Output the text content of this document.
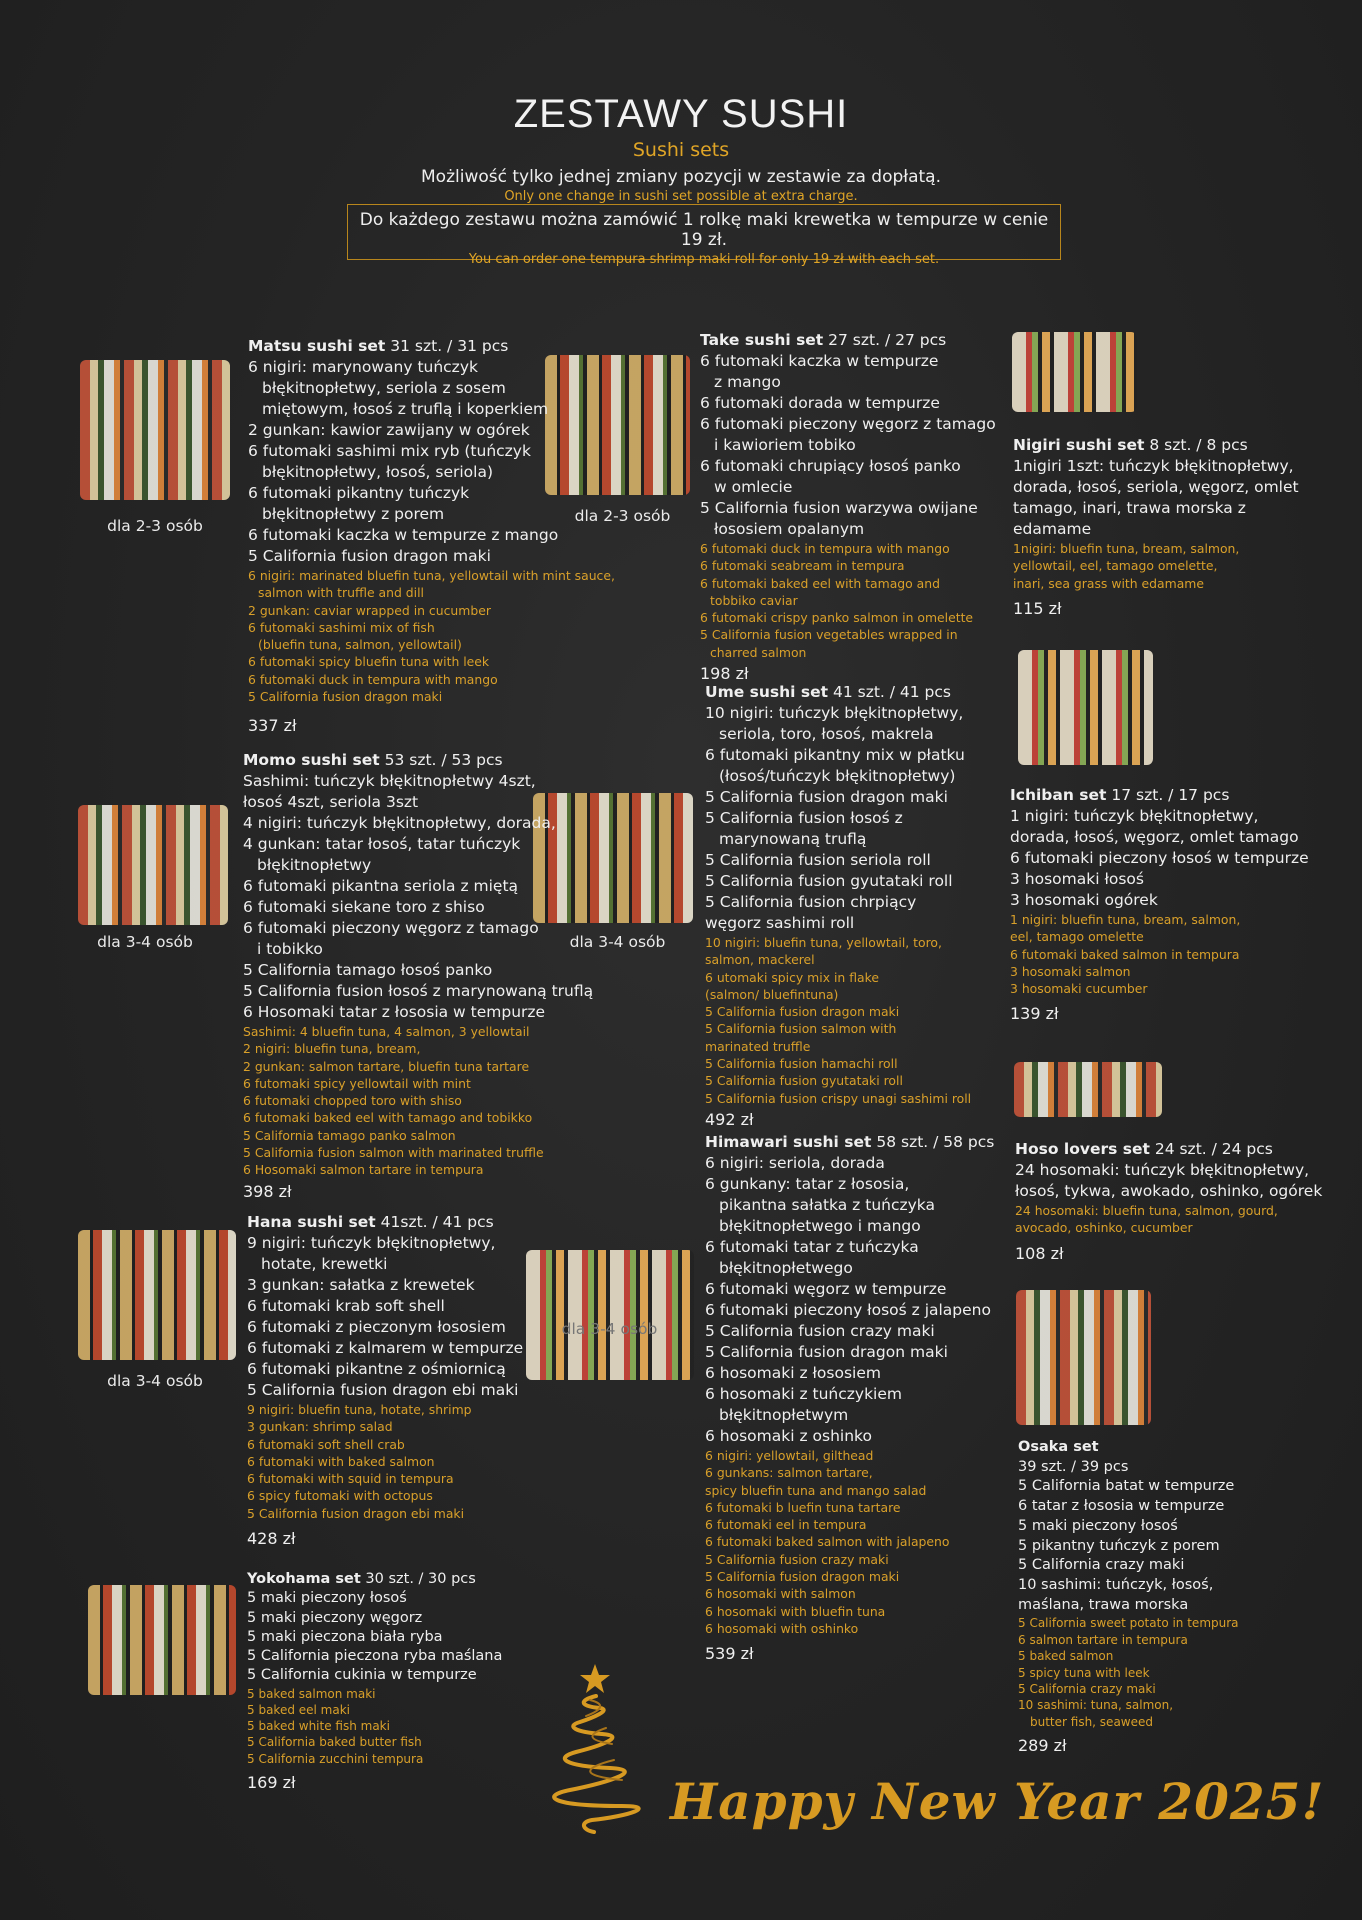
ZESTAWY SUSHI
Sushi sets
Możliwość tylko jednej zmiany pozycji w zestawie za dopłatą.
Only one change in sushi set possible at extra charge.
Do każdego zestawu można zamówić 1 rolkę maki krewetka w tempurze w cenie 19 zł.
You can order one tempura shrimp maki roll for only 19 zł with each set.
dla 2-3 osób
dla 2-3 osób
dla 3-4 osób	dla 3-4 osób
dla 3-4 osób
dla 3-4 osób
Matsu sushi set 31 szt. / 31 pcs
6 nigiri: marynowany tuńczyk
błękitnopłetwy, seriola z sosem
miętowym, łosoś z truflą i koperkiem
2 gunkan: kawior zawijany w ogórek
6 futomaki sashimi mix ryb (tuńczyk
błękitnopłetwy, łosoś, seriola)
6 futomaki pikantny tuńczyk
błękitnopłetwy z porem
6 futomaki kaczka w tempurze z mango
5 California fusion dragon maki
6 nigiri: marinated bluefin tuna, yellowtail with mint sauce,
salmon with truffle and dill
2 gunkan: caviar wrapped in cucumber
6 futomaki sashimi mix of fish
(bluefin tuna, salmon, yellowtail)
6 futomaki spicy bluefin tuna with leek
6 futomaki duck in tempura with mango
5 California fusion dragon maki
337 zł
Take sushi set 27 szt. / 27 pcs
6 futomaki kaczka w tempurze
z mango
6 futomaki dorada w tempurze
6 futomaki pieczony węgorz z tamago
i kawioriem tobiko
6 futomaki chrupiący łosoś panko
w omlecie
5 California fusion warzywa owijane
łososiem opalanym
6 futomaki duck in tempura with mango
6 futomaki seabream in tempura
6 futomaki baked eel with tamago and
tobbiko caviar
6 futomaki crispy panko salmon in omelette
5 California fusion vegetables wrapped in
charred salmon
198 zł
Nigiri sushi set 8 szt. / 8 pcs
1nigiri 1szt: tuńczyk błękitnopłetwy,
dorada, łosoś, seriola, węgorz, omlet
tamago, inari, trawa morska z
edamame
1nigiri: bluefin tuna, bream, salmon,
yellowtail, eel, tamago omelette,
inari, sea grass with edamame
115 zł
Momo sushi set 53 szt. / 53 pcs
Sashimi: tuńczyk błękitnopłetwy 4szt,
łosoś 4szt, seriola 3szt
4 nigiri: tuńczyk błękitnopłetwy, dorada,
4 gunkan: tatar łosoś, tatar tuńczyk
błękitnopłetwy
6 futomaki pikantna seriola z miętą
6 futomaki siekane toro z shiso
6 futomaki pieczony węgorz z tamago
i tobikko
5 California tamago łosoś panko
5 California fusion łosoś z marynowaną truflą
6 Hosomaki tatar z łososia w tempurze
Sashimi: 4 bluefin tuna, 4 salmon, 3 yellowtail
2 nigiri: bluefin tuna, bream,
2 gunkan: salmon tartare, bluefin tuna tartare
6 futomaki spicy yellowtail with mint
6 futomaki chopped toro with shiso
6 futomaki baked eel with tamago and tobikko
5 California tamago panko salmon
5 California fusion salmon with marinated truffle
6 Hosomaki salmon tartare in tempura
398 zł
Ume sushi set 41 szt. / 41 pcs
10 nigiri: tuńczyk błękitnopłetwy,
seriola, toro, łosoś, makrela
6 futomaki pikantny mix w płatku
(łosoś/tuńczyk błękitnopłetwy)
5 California fusion dragon maki
5 California fusion łosoś z
marynowaną truflą
5 California fusion seriola roll
5 California fusion gyutataki roll
5 California fusion chrpiący
węgorz sashimi roll
10 nigiri: bluefin tuna, yellowtail, toro,
salmon, mackerel
6 utomaki spicy mix in flake
(salmon/ bluefintuna)
5 California fusion dragon maki
5 California fusion salmon with
marinated truffle
5 California fusion hamachi roll
5 California fusion gyutataki roll
5 California fusion crispy unagi sashimi roll
492 zł
Ichiban set 17 szt. / 17 pcs
1 nigiri: tuńczyk błękitnopłetwy,
dorada, łosoś, węgorz, omlet tamago
6 futomaki pieczony łosoś w tempurze
3 hosomaki łosoś
3 hosomaki ogórek
1 nigiri: bluefin tuna, bream, salmon,
eel, tamago omelette
6 futomaki baked salmon in tempura
3 hosomaki salmon
3 hosomaki cucumber
139 zł
Hoso lovers set 24 szt. / 24 pcs
24 hosomaki: tuńczyk błękitnopłetwy,
łosoś, tykwa, awokado, oshinko, ogórek
24 hosomaki: bluefin tuna, salmon, gourd,
avocado, oshinko, cucumber
108 zł
Hana sushi set 41szt. / 41 pcs
9 nigiri: tuńczyk błękitnopłetwy,
hotate, krewetki
3 gunkan: sałatka z krewetek
6 futomaki krab soft shell
6 futomaki z pieczonym łososiem
6 futomaki z kalmarem w tempurze
6 futomaki pikantne z ośmiornicą
5 California fusion dragon ebi maki
9 nigiri: bluefin tuna, hotate, shrimp
3 gunkan: shrimp salad
6 futomaki soft shell crab
6 futomaki with baked salmon
6 futomaki with squid in tempura
6 spicy futomaki with octopus
5 California fusion dragon ebi maki
428 zł
Himawari sushi set 58 szt. / 58 pcs
6 nigiri: seriola, dorada
6 gunkany: tatar z łososia,
pikantna sałatka z tuńczyka
błękitnopłetwego i mango
6 futomaki tatar z tuńczyka
błękitnopłetwego
6 futomaki węgorz w tempurze
6 futomaki pieczony łosoś z jalapeno
5 California fusion crazy maki
5 California fusion dragon maki
6 hosomaki z łososiem
6 hosomaki z tuńczykiem
błękitnopłetwym
6 hosomaki z oshinko
6 nigiri: yellowtail, gilthead
6 gunkans: salmon tartare,
spicy bluefin tuna and mango salad
6 futomaki b luefin tuna tartare
6 futomaki eel in tempura
6 futomaki baked salmon with jalapeno
5 California fusion crazy maki
5 California fusion dragon maki
6 hosomaki with salmon
6 hosomaki with bluefin tuna
6 hosomaki with oshinko
539 zł
Osaka set
39 szt. / 39 pcs
5 California batat w tempurze
6 tatar z łososia w tempurze
5 maki pieczony łosoś
5 pikantny tuńczyk z porem
5 California crazy maki
10 sashimi: tuńczyk, łosoś,
maślana, trawa morska
5 California sweet potato in tempura
6 salmon tartare in tempura
5 baked salmon
5 spicy tuna with leek
5 California crazy maki
10 sashimi: tuna, salmon,
butter fish, seaweed
289 zł
Yokohama set 30 szt. / 30 pcs
5 maki pieczony łosoś
5 maki pieczony węgorz
5 maki pieczona biała ryba
5 California pieczona ryba maślana
5 California cukinia w tempurze
5 baked salmon maki
5 baked eel maki
5 baked white fish maki
5 California baked butter fish
5 California zucchini tempura
169 zł	Happy New Year 2025!
